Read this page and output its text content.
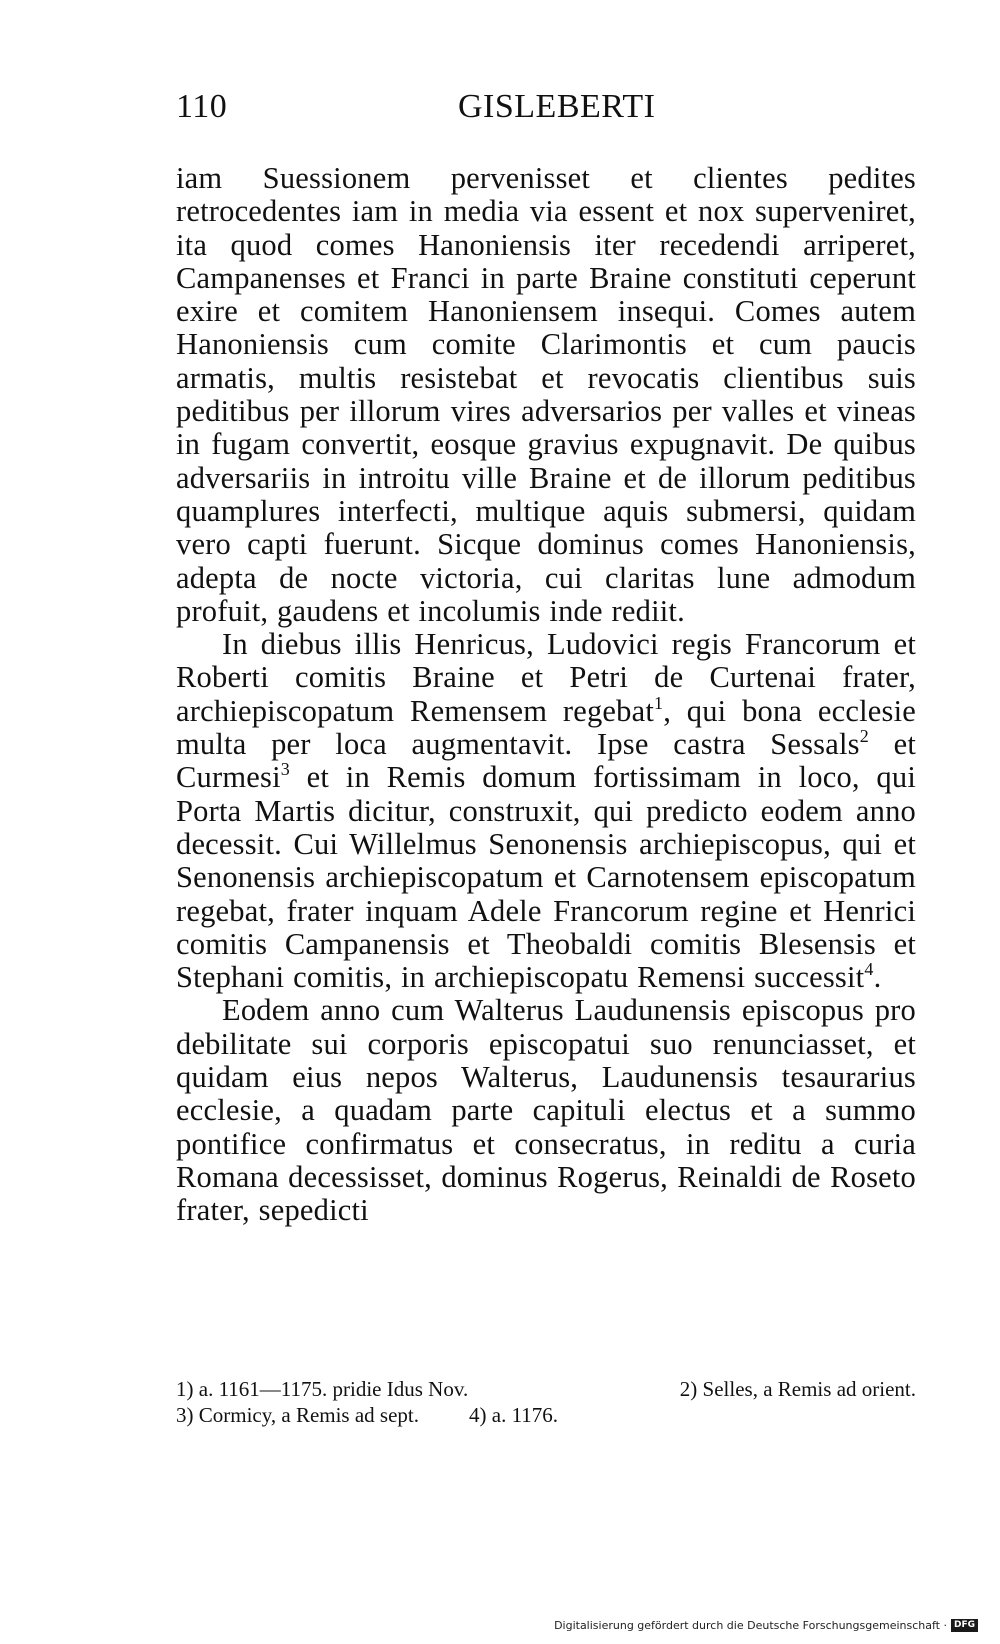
110	GISLEBERTI

iam Suessionem pervenisset et clientes pedites retrocedentes iam in media via essent et nox superveniret, ita quod comes Hanoniensis iter recedendi arriperet, Campanenses et Franci in parte Braine constituti ceperunt exire et comitem Hanoniensem insequi. Comes autem Hanoniensis cum comite Clarimontis et cum paucis armatis, multis resistebat et revocatis clientibus suis peditibus per illorum vires adversarios per valles et vineas in fugam convertit, eosque gravius expugnavit. De quibus adversariis in introitu ville Braine et de illorum peditibus quamplures interfecti, multique aquis submersi, quidam vero capti fuerunt. Sicque dominus comes Hanoniensis, adepta de nocte victoria, cui claritas lune admodum profuit, gaudens et incolumis inde rediit.

In diebus illis Henricus, Ludovici regis Francorum et Roberti comitis Braine et Petri de Curtenai frater, archiepiscopatum Remensem regebat$^1$, qui bona ecclesie multa per loca augmentavit. Ipse castra Sessals$^2$ et Curmesi$^3$ et in Remis domum fortissimam in loco, qui Porta Martis dicitur, construxit, qui predicto eodem anno decessit. Cui Willelmus Senonensis archiepiscopus, qui et Senonensis archiepiscopatum et Carnotensem episcopatum regebat, frater inquam Adele Francorum regine et Henrici comitis Campanensis et Theobaldi comitis Blesensis et Stephani comitis, in archiepiscopatu Remensi successit$^4$.

Eodem anno cum Walterus Laudunensis episcopus pro debilitate sui corporis episcopatui suo renunciasset, et quidam eius nepos Walterus, Laudunensis tesaurarius ecclesie, a quadam parte capituli electus et a summo pontifice confirmatus et consecratus, in reditu a curia Romana decessisset, dominus Rogerus, Reinaldi de Roseto frater, sepedicti

1) a. 1161—1175. pridie Idus Nov.	2) Selles, a Remis ad orient.
3) Cormicy, a Remis ad sept. 4) a. 1176.
Digitalisierung gefördert durch die Deutsche Forschungsgemeinschaft · DFG
